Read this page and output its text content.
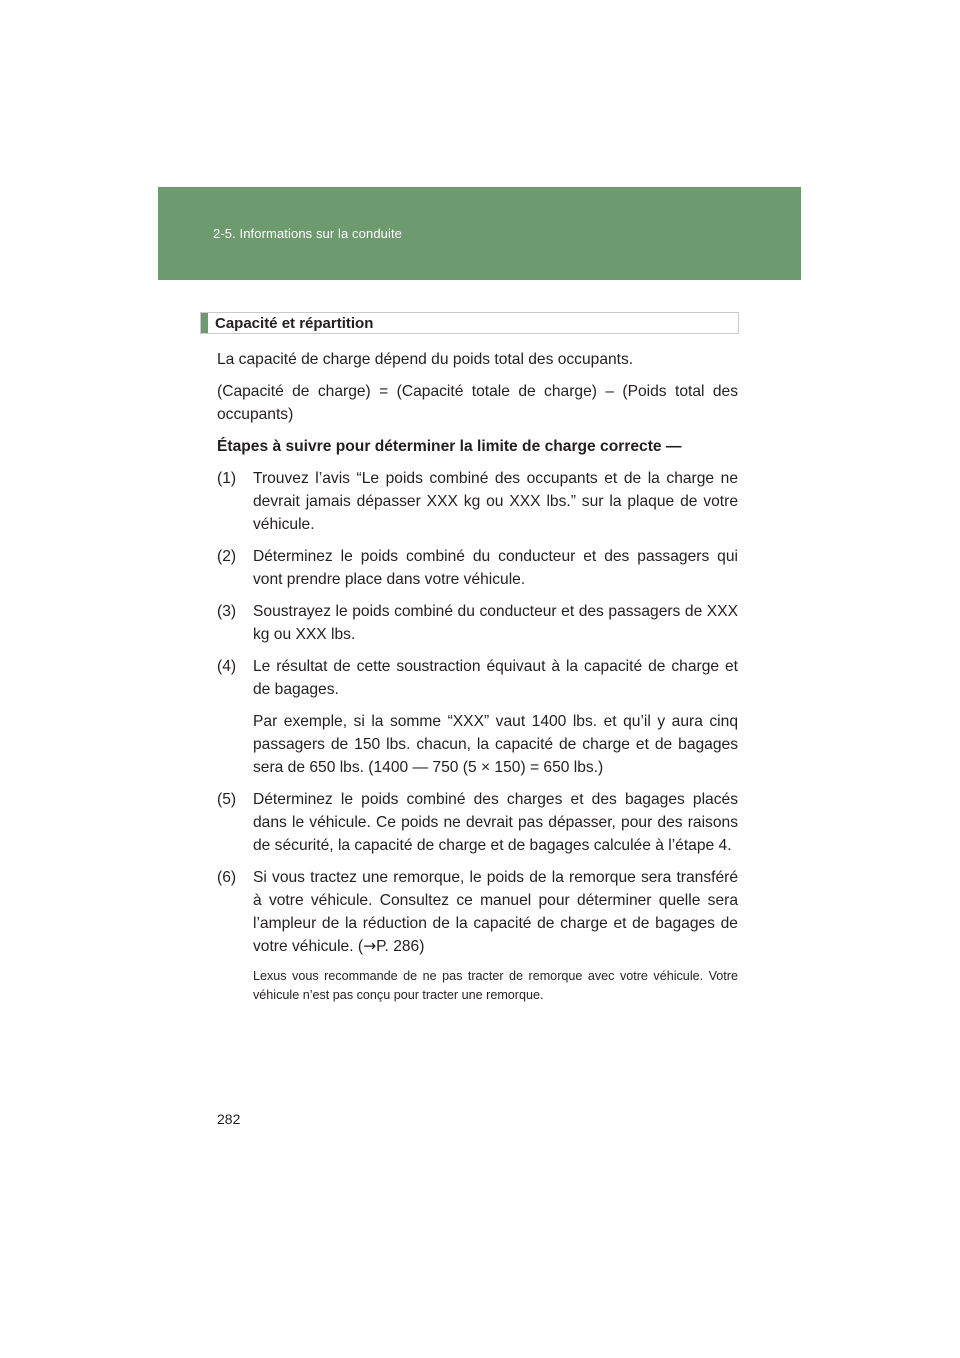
2-5. Informations sur la conduite
Capacité et répartition

La capacité de charge dépend du poids total des occupants.

(Capacité de charge) = (Capacité totale de charge) – (Poids total des occupants)

Étapes à suivre pour déterminer la limite de charge correcte —

(1)	Trouvez l’avis “Le poids combiné des occupants et de la charge ne devrait jamais dépasser XXX kg ou XXX lbs.” sur la plaque de votre véhicule.

(2)	Déterminez le poids combiné du conducteur et des passagers qui vont prendre place dans votre véhicule.

(3)	Soustrayez le poids combiné du conducteur et des passagers de XXX kg ou XXX lbs.

(4)	Le résultat de cette soustraction équivaut à la capacité de charge et de bagages.

Par exemple, si la somme “XXX” vaut 1400 lbs. et qu’il y aura cinq passagers de 150 lbs. chacun, la capacité de charge et de bagages sera de 650 lbs. (1400 — 750 (5 × 150) = 650 lbs.)

(5)	Déterminez le poids combiné des charges et des bagages placés dans le véhicule. Ce poids ne devrait pas dépasser, pour des raisons de sécurité, la capacité de charge et de bagages calculée à l’étape 4.

(6)	Si vous tractez une remorque, le poids de la remorque sera transféré à votre véhicule. Consultez ce manuel pour déterminer quelle sera l’ampleur de la réduction de la capacité de charge et de bagages de votre véhicule. (→P. 286)

Lexus vous recommande de ne pas tracter de remorque avec votre véhicule. Votre véhicule n’est pas conçu pour tracter une remorque.
282
